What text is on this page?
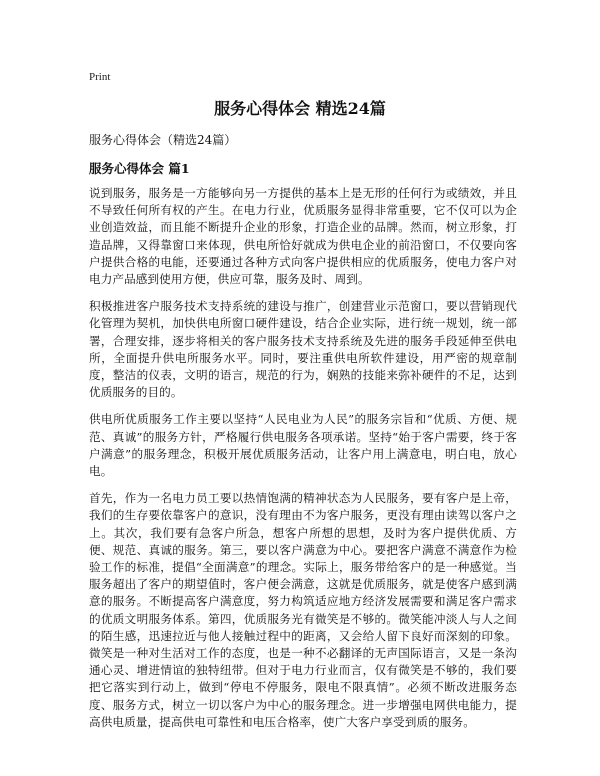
Print
服务心得体会 精选24篇

服务心得体会（精选24篇）

服务心得体会 篇1

说到服务，服务是一方能够向另一方提供的基本上是无形的任何行为或绩效，并且不导致任何所有权的产生。在电力行业，优质服务显得非常重要，它不仅可以为企业创造效益，而且能不断提升企业的形象，打造企业的品牌。然而，树立形象，打造品牌，又得靠窗口来体现，供电所恰好就成为供电企业的前沿窗口，不仅要向客户提供合格的电能，还要通过各种方式向客户提供相应的优质服务，使电力客户对电力产品感到使用方便，供应可靠，服务及时、周到。

积极推进客户服务技术支持系统的建设与推广，创建营业示范窗口，要以营销现代化管理为契机，加快供电所窗口硬件建设，结合企业实际，进行统一规划，统一部署，合理安排，逐步将相关的客户服务技术支持系统及先进的服务手段延伸至供电所，全面提升供电所服务水平。同时，要注重供电所软件建设，用严密的规章制度，整洁的仪表，文明的语言，规范的行为，娴熟的技能来弥补硬件的不足，达到优质服务的目的。

供电所优质服务工作主要以坚持“人民电业为人民”的服务宗旨和“优质、方便、规范、真诚”的服务方针，严格履行供电服务各项承诺。坚持“始于客户需要，终于客户满意”的服务理念，积极开展优质服务活动，让客户用上满意电，明白电，放心电。

首先，作为一名电力员工要以热情饱满的精神状态为人民服务，要有客户是上帝，我们的生存要依靠客户的意识，没有理由不为客户服务，更没有理由读驾以客户之上。其次，我们要有急客户所急，想客户所想的思想，及时为客户提供优质、方便、规范、真诚的服务。第三，要以客户满意为中心。要把客户满意不满意作为检验工作的标准，提倡“全面满意”的理念。实际上，服务带给客户的是一种感觉。当服务超出了客户的期望值时，客户便会满意，这就是优质服务，就是使客户感到满意的服务。不断提高客户满意度，努力构筑适应地方经济发展需要和满足客户需求的优质文明服务体系。第四，优质服务光有微笑是不够的。微笑能冲淡人与人之间的陌生感，迅速拉近与他人接触过程中的距离，又会给人留下良好而深刻的印象。微笑是一种对生活对工作的态度，也是一种不必翻译的无声国际语言，又是一条沟通心灵、增进情谊的独特纽带。但对于电力行业而言，仅有微笑是不够的，我们要把它落实到行动上，做到“停电不停服务，限电不限真情”。必须不断改进服务态度、服务方式，树立一切以客户为中心的服务理念。进一步增强电网供电能力，提高供电质量，提高供电可靠性和电压合格率，使广大客户享受到质的服务。
